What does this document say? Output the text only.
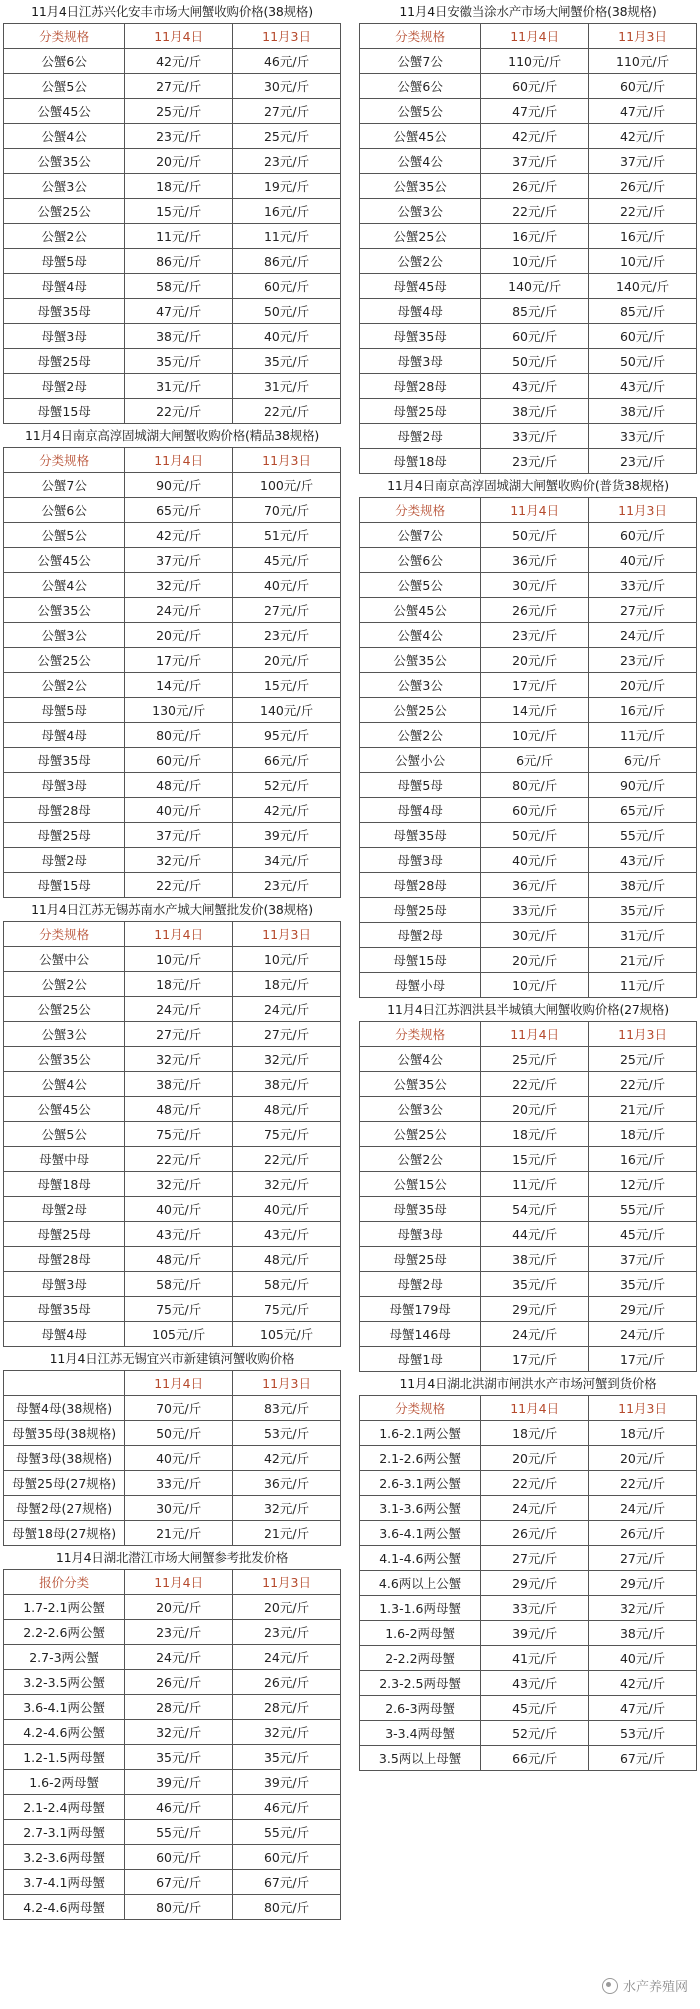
11月4日江苏兴化安丰市场大闸蟹收购价格(38规格)
分类规格	11月4日	11月3日
公蟹6公	42元/斤	46元/斤
公蟹5公	27元/斤	30元/斤
公蟹45公	25元/斤	27元/斤
公蟹4公	23元/斤	25元/斤
公蟹35公	20元/斤	23元/斤
公蟹3公	18元/斤	19元/斤
公蟹25公	15元/斤	16元/斤
公蟹2公	11元/斤	11元/斤
母蟹5母	86元/斤	86元/斤
母蟹4母	58元/斤	60元/斤
母蟹35母	47元/斤	50元/斤
母蟹3母	38元/斤	40元/斤
母蟹25母	35元/斤	35元/斤
母蟹2母	31元/斤	31元/斤
母蟹15母	22元/斤	22元/斤
11月4日南京高淳固城湖大闸蟹收购价格(精品38规格)
分类规格	11月4日	11月3日
公蟹7公	90元/斤	100元/斤
公蟹6公	65元/斤	70元/斤
公蟹5公	42元/斤	51元/斤
公蟹45公	37元/斤	45元/斤
公蟹4公	32元/斤	40元/斤
公蟹35公	24元/斤	27元/斤
公蟹3公	20元/斤	23元/斤
公蟹25公	17元/斤	20元/斤
公蟹2公	14元/斤	15元/斤
母蟹5母	130元/斤	140元/斤
母蟹4母	80元/斤	95元/斤
母蟹35母	60元/斤	66元/斤
母蟹3母	48元/斤	52元/斤
母蟹28母	40元/斤	42元/斤
母蟹25母	37元/斤	39元/斤
母蟹2母	32元/斤	34元/斤
母蟹15母	22元/斤	23元/斤
11月4日江苏无锡苏南水产城大闸蟹批发价(38规格)
分类规格	11月4日	11月3日
公蟹中公	10元/斤	10元/斤
公蟹2公	18元/斤	18元/斤
公蟹25公	24元/斤	24元/斤
公蟹3公	27元/斤	27元/斤
公蟹35公	32元/斤	32元/斤
公蟹4公	38元/斤	38元/斤
公蟹45公	48元/斤	48元/斤
公蟹5公	75元/斤	75元/斤
母蟹中母	22元/斤	22元/斤
母蟹18母	32元/斤	32元/斤
母蟹2母	40元/斤	40元/斤
母蟹25母	43元/斤	43元/斤
母蟹28母	48元/斤	48元/斤
母蟹3母	58元/斤	58元/斤
母蟹35母	75元/斤	75元/斤
母蟹4母	105元/斤	105元/斤
11月4日江苏无锡宜兴市新建镇河蟹收购价格
	11月4日	11月3日
母蟹4母(38规格)	70元/斤	83元/斤
母蟹35母(38规格)	50元/斤	53元/斤
母蟹3母(38规格)	40元/斤	42元/斤
母蟹25母(27规格)	33元/斤	36元/斤
母蟹2母(27规格)	30元/斤	32元/斤
母蟹18母(27规格)	21元/斤	21元/斤
11月4日湖北潜江市场大闸蟹参考批发价格
报价分类	11月4日	11月3日
1.7-2.1两公蟹	20元/斤	20元/斤
2.2-2.6两公蟹	23元/斤	23元/斤
2.7-3两公蟹	24元/斤	24元/斤
3.2-3.5两公蟹	26元/斤	26元/斤
3.6-4.1两公蟹	28元/斤	28元/斤
4.2-4.6两公蟹	32元/斤	32元/斤
1.2-1.5两母蟹	35元/斤	35元/斤
1.6-2两母蟹	39元/斤	39元/斤
2.1-2.4两母蟹	46元/斤	46元/斤
2.7-3.1两母蟹	55元/斤	55元/斤
3.2-3.6两母蟹	60元/斤	60元/斤
3.7-4.1两母蟹	67元/斤	67元/斤
4.2-4.6两母蟹	80元/斤	80元/斤
11月4日安徽当涂水产市场大闸蟹价格(38规格)
分类规格	11月4日	11月3日
公蟹7公	110元/斤	110元/斤
公蟹6公	60元/斤	60元/斤
公蟹5公	47元/斤	47元/斤
公蟹45公	42元/斤	42元/斤
公蟹4公	37元/斤	37元/斤
公蟹35公	26元/斤	26元/斤
公蟹3公	22元/斤	22元/斤
公蟹25公	16元/斤	16元/斤
公蟹2公	10元/斤	10元/斤
母蟹45母	140元/斤	140元/斤
母蟹4母	85元/斤	85元/斤
母蟹35母	60元/斤	60元/斤
母蟹3母	50元/斤	50元/斤
母蟹28母	43元/斤	43元/斤
母蟹25母	38元/斤	38元/斤
母蟹2母	33元/斤	33元/斤
母蟹18母	23元/斤	23元/斤
11月4日南京高淳固城湖大闸蟹收购价(普货38规格)
分类规格	11月4日	11月3日
公蟹7公	50元/斤	60元/斤
公蟹6公	36元/斤	40元/斤
公蟹5公	30元/斤	33元/斤
公蟹45公	26元/斤	27元/斤
公蟹4公	23元/斤	24元/斤
公蟹35公	20元/斤	23元/斤
公蟹3公	17元/斤	20元/斤
公蟹25公	14元/斤	16元/斤
公蟹2公	10元/斤	11元/斤
公蟹小公	6元/斤	6元/斤
母蟹5母	80元/斤	90元/斤
母蟹4母	60元/斤	65元/斤
母蟹35母	50元/斤	55元/斤
母蟹3母	40元/斤	43元/斤
母蟹28母	36元/斤	38元/斤
母蟹25母	33元/斤	35元/斤
母蟹2母	30元/斤	31元/斤
母蟹15母	20元/斤	21元/斤
母蟹小母	10元/斤	11元/斤
11月4日江苏泗洪县半城镇大闸蟹收购价格(27规格)
分类规格	11月4日	11月3日
公蟹4公	25元/斤	25元/斤
公蟹35公	22元/斤	22元/斤
公蟹3公	20元/斤	21元/斤
公蟹25公	18元/斤	18元/斤
公蟹2公	15元/斤	16元/斤
公蟹15公	11元/斤	12元/斤
母蟹35母	54元/斤	55元/斤
母蟹3母	44元/斤	45元/斤
母蟹25母	38元/斤	37元/斤
母蟹2母	35元/斤	35元/斤
母蟹179母	29元/斤	29元/斤
母蟹146母	24元/斤	24元/斤
母蟹1母	17元/斤	17元/斤
11月4日湖北洪湖市闸洪水产市场河蟹到货价格
分类规格	11月4日	11月3日
1.6-2.1两公蟹	18元/斤	18元/斤
2.1-2.6两公蟹	20元/斤	20元/斤
2.6-3.1两公蟹	22元/斤	22元/斤
3.1-3.6两公蟹	24元/斤	24元/斤
3.6-4.1两公蟹	26元/斤	26元/斤
4.1-4.6两公蟹	27元/斤	27元/斤
4.6两以上公蟹	29元/斤	29元/斤
1.3-1.6两母蟹	33元/斤	32元/斤
1.6-2两母蟹	39元/斤	38元/斤
2-2.2两母蟹	41元/斤	40元/斤
2.3-2.5两母蟹	43元/斤	42元/斤
2.6-3两母蟹	45元/斤	47元/斤
3-3.4两母蟹	52元/斤	53元/斤
3.5两以上母蟹	66元/斤	67元/斤
水产养殖网
